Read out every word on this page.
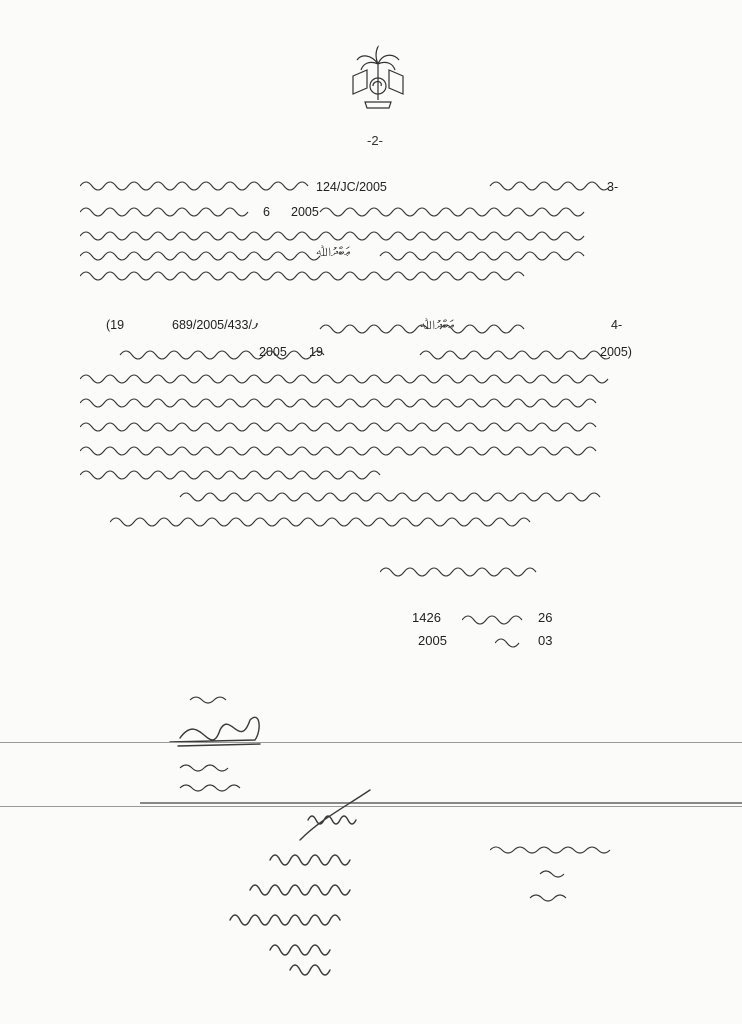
-2-
3-
124/JC/2005
6 2005
ޢަބްދުﷲ
4-
ޢަބްދުﷲ
689/2005/ފ/433
(19
2005)
19
2005
1426	26
2005	03
